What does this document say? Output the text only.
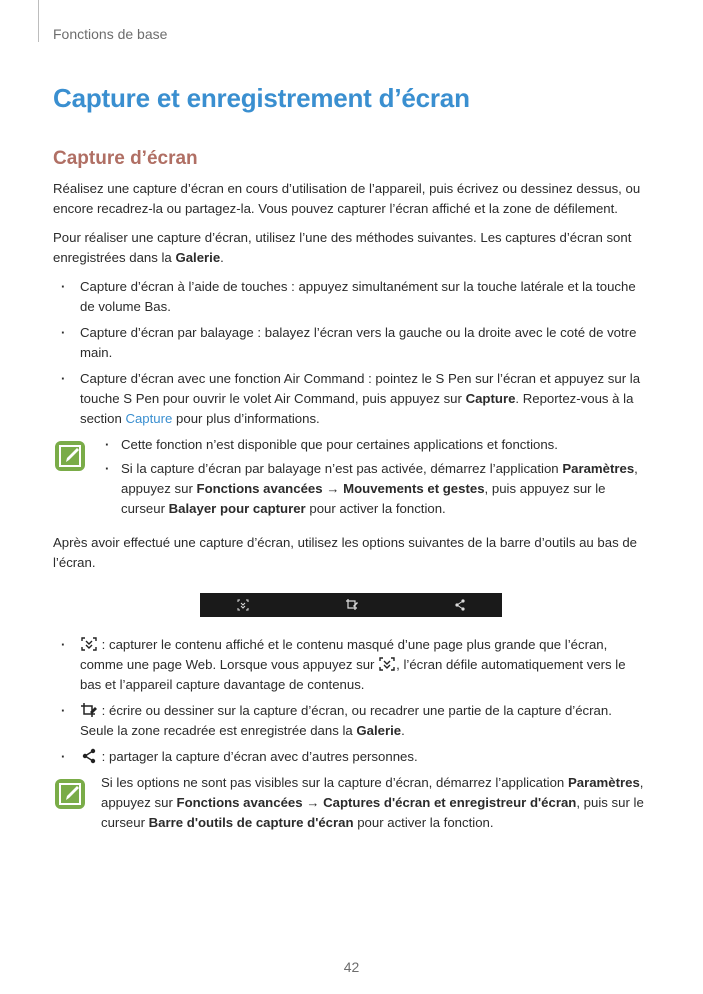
Fonctions de base
Capture et enregistrement d’écran
Capture d’écran

Réalisez une capture d’écran en cours d’utilisation de l’appareil, puis écrivez ou dessinez dessus, ou encore recadrez-la ou partagez-la. Vous pouvez capturer l’écran affiché et la zone de défilement.

Pour réaliser une capture d’écran, utilisez l’une des méthodes suivantes. Les captures d’écran sont enregistrées dans la Galerie.

· Capture d’écran à l’aide de touches : appuyez simultanément sur la touche latérale et la touche de volume Bas.
· Capture d’écran par balayage : balayez l’écran vers la gauche ou la droite avec le coté de votre main.
· Capture d’écran avec une fonction Air Command : pointez le S Pen sur l’écran et appuyez sur la touche S Pen pour ouvrir le volet Air Command, puis appuyez sur Capture. Reportez-vous à la section Capture pour plus d’informations.
· Cette fonction n’est disponible que pour certaines applications et fonctions.
· Si la capture d’écran par balayage n’est pas activée, démarrez l’application Paramètres, appuyez sur Fonctions avancées → Mouvements et gestes, puis appuyez sur le curseur Balayer pour capturer pour activer la fonction.

Après avoir effectué une capture d’écran, utilisez les options suivantes de la barre d’outils au bas de l’écran.

· : capturer le contenu affiché et le contenu masqué d’une page plus grande que l’écran, comme une page Web. Lorsque vous appuyez sur , l’écran défile automatiquement vers le bas et l’appareil capture davantage de contenus.
· : écrire ou dessiner sur la capture d’écran, ou recadrer une partie de la capture d’écran. Seule la zone recadrée est enregistrée dans la Galerie.
· : partager la capture d’écran avec d’autres personnes.

Si les options ne sont pas visibles sur la capture d’écran, démarrez l’application Paramètres, appuyez sur Fonctions avancées → Captures d'écran et enregistreur d'écran, puis sur le curseur Barre d'outils de capture d'écran pour activer la fonction.

42
